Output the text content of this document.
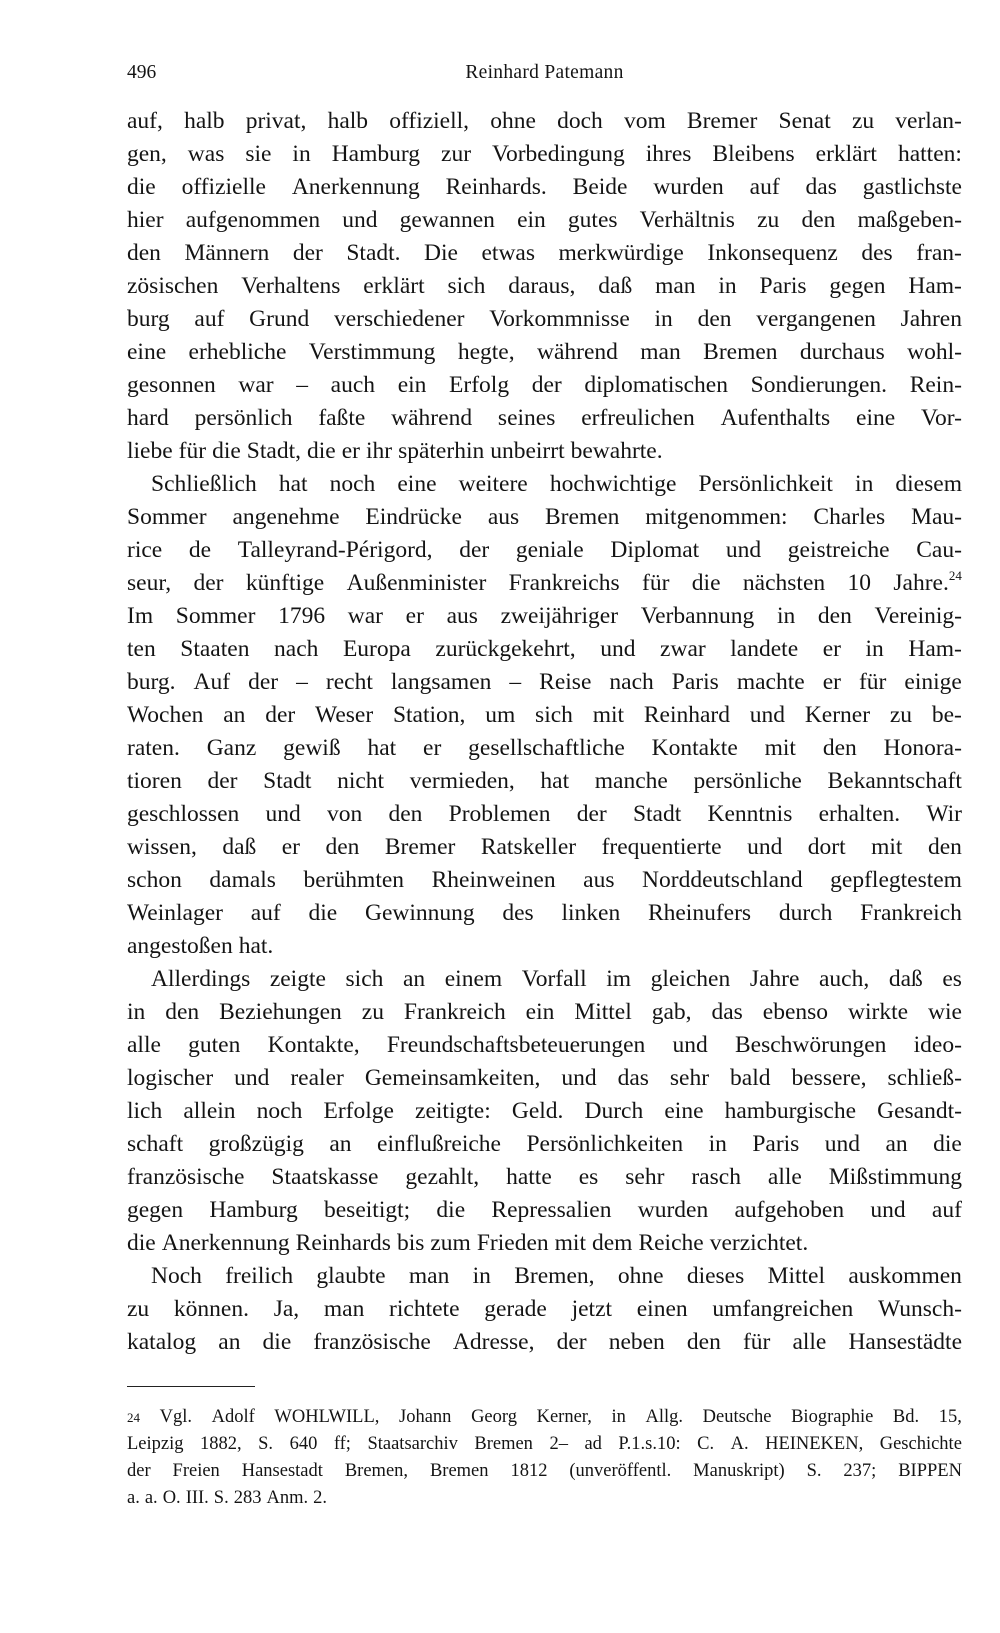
496	Reinhard Patemann
auf, halb privat, halb offiziell, ohne doch vom Bremer Senat zu verlan-
gen, was sie in Hamburg zur Vorbedingung ihres Bleibens erklärt hatten:
die offizielle Anerkennung Reinhards. Beide wurden auf das gastlichste
hier aufgenommen und gewannen ein gutes Verhältnis zu den maßgeben-
den Männern der Stadt. Die etwas merkwürdige Inkonsequenz des fran-
zösischen Verhaltens erklärt sich daraus, daß man in Paris gegen Ham-
burg auf Grund verschiedener Vorkommnisse in den vergangenen Jahren
eine erhebliche Verstimmung hegte, während man Bremen durchaus wohl-
gesonnen war – auch ein Erfolg der diplomatischen Sondierungen. Rein-
hard persönlich faßte während seines erfreulichen Aufenthalts eine Vor-
liebe für die Stadt, die er ihr späterhin unbeirrt bewahrte.
Schließlich hat noch eine weitere hochwichtige Persönlichkeit in diesem
Sommer angenehme Eindrücke aus Bremen mitgenommen: Charles Mau-
rice de Talleyrand-Périgord, der geniale Diplomat und geistreiche Cau-
seur, der künftige Außenminister Frankreichs für die nächsten 10 Jahre.$^{24}$
Im Sommer 1796 war er aus zweijähriger Verbannung in den Vereinig-
ten Staaten nach Europa zurückgekehrt, und zwar landete er in Ham-
burg. Auf der – recht langsamen – Reise nach Paris machte er für einige
Wochen an der Weser Station, um sich mit Reinhard und Kerner zu be-
raten. Ganz gewiß hat er gesellschaftliche Kontakte mit den Honora-
tioren der Stadt nicht vermieden, hat manche persönliche Bekanntschaft
geschlossen und von den Problemen der Stadt Kenntnis erhalten. Wir
wissen, daß er den Bremer Ratskeller frequentierte und dort mit den
schon damals berühmten Rheinweinen aus Norddeutschland gepflegtestem
Weinlager auf die Gewinnung des linken Rheinufers durch Frankreich
angestoßen hat.
Allerdings zeigte sich an einem Vorfall im gleichen Jahre auch, daß es
in den Beziehungen zu Frankreich ein Mittel gab, das ebenso wirkte wie
alle guten Kontakte, Freundschaftsbeteuerungen und Beschwörungen ideo-
logischer und realer Gemeinsamkeiten, und das sehr bald bessere, schließ-
lich allein noch Erfolge zeitigte: Geld. Durch eine hamburgische Gesandt-
schaft großzügig an einflußreiche Persönlichkeiten in Paris und an die
französische Staatskasse gezahlt, hatte es sehr rasch alle Mißstimmung
gegen Hamburg beseitigt; die Repressalien wurden aufgehoben und auf
die Anerkennung Reinhards bis zum Frieden mit dem Reiche verzichtet.
Noch freilich glaubte man in Bremen, ohne dieses Mittel auskommen
zu können. Ja, man richtete gerade jetzt einen umfangreichen Wunsch-
katalog an die französische Adresse, der neben den für alle Hansestädte
24 Vgl. Adolf WOHLWILL, Johann Georg Kerner, in Allg. Deutsche Biographie Bd. 15,
Leipzig 1882, S. 640 ff; Staatsarchiv Bremen 2– ad P.1.s.10: C. A. HEINEKEN, Geschichte
der Freien Hansestadt Bremen, Bremen 1812 (unveröffentl. Manuskript) S. 237; BIPPEN
a. a. O. III. S. 283 Anm. 2.
